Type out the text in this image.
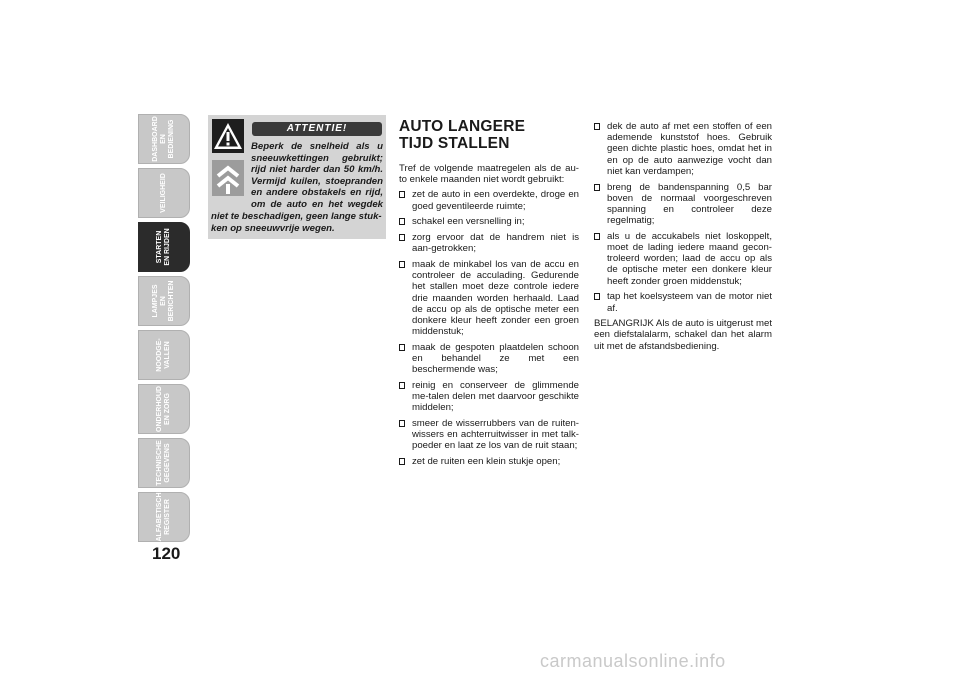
DASHBOARD
EN BEDIENING
VEILIGHEID
STARTEN
EN RIJDEN
LAMPJES
EN BERICHTEN
NOODGE-
VALLEN
ONDERHOUD
EN ZORG
TECHNISCHE
GEGEVENS
ALFABETISCH
REGISTER
120
ATTENTIE!
Beperk de snelheid als u sneeuwkettingen gebruikt; rijd niet harder dan 50 km/h. Vermijd kuilen, stoepranden en andere obstakels en rijd, om de auto en het wegdek
niet te beschadigen, geen lange stuk-ken op sneeuwvrije wegen.
AUTO LANGERE
TIJD STALLEN
Tref de volgende maatregelen als de au-to enkele maanden niet wordt gebruikt:
zet de auto in een overdekte, droge en goed geventileerde ruimte;
schakel een versnelling in;
zorg ervoor dat de handrem niet is aan-getrokken;
maak de minkabel los van de accu en controleer de acculading. Gedurende het stallen moet deze controle iedere drie maanden worden herhaald. Laad de accu op als de optische meter een donkere kleur heeft zonder een groen middenstuk;
maak de gespoten plaatdelen schoon en behandel ze met een beschermende was;
reinig en conserveer de glimmende me-talen delen met daarvoor geschikte middelen;
smeer de wisserrubbers van de ruiten-wissers en achterruitwisser in met talk-poeder en laat ze los van de ruit staan;
zet de ruiten een klein stukje open;
dek de auto af met een stoffen of een ademende kunststof hoes. Gebruik geen dichte plastic hoes, omdat het in en op de auto aanwezige vocht dan niet kan verdampen;
breng de bandenspanning 0,5 bar boven de normaal voorgeschreven spanning en controleer deze regelmatig;
als u de accukabels niet loskoppelt, moet de lading iedere maand gecon-troleerd worden; laad de accu op als de optische meter een donkere kleur heeft zonder groen middenstuk;
tap het koelsysteem van de motor niet af.
BELANGRIJK Als de auto is uitgerust met een diefstalalarm, schakel dan het alarm uit met de afstandsbediening.
carmanualsonline.info
